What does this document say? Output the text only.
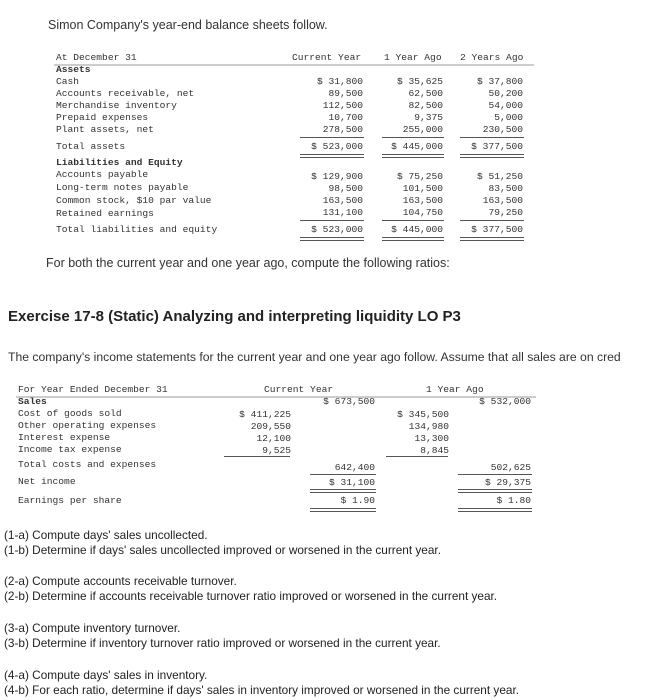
Simon Company's year-end balance sheets follow.
At December 31	Current Year 1 Year Ago 2 Years Ago
Assets
Cash	$ 31,800	$ 35,625	$ 37,800
Accounts receivable, net	89,500	62,500	50,200
Merchandise inventory	112,500	82,500	54,000
Prepaid expenses	10,700	9,375	5,000
Plant assets, net	278,500	255,000	230,500
Total assets	$ 523,000	$ 445,000	$ 377,500
Liabilities and Equity
Accounts payable	$ 129,900	$ 75,250	$ 51,250
Long-term notes payable	98,500	101,500	83,500
Common stock, $10 par value	163,500	163,500	163,500
Retained earnings	131,100	104,750	79,250
Total liabilities and equity	$ 523,000	$ 445,000	$ 377,500
For both the current year and one year ago, compute the following ratios:
Exercise 17-8 (Static) Analyzing and interpreting liquidity LO P3
The company's income statements for the current year and one year ago follow. Assume that all sales are on cred
For Year Ended December 31	Current Year	1 Year Ago
Sales	$ 673,500	$ 532,000
Cost of goods sold	$ 411,225	$ 345,500
Other operating expenses	209,550	134,980
Interest expense	12,100	13,300
Income tax expense	9,525	8,845
Total costs and expenses	642,400	502,625
Net income	$ 31,100	$ 29,375
Earnings per share	$ 1.90	$ 1.80
(1-a) Compute days' sales uncollected.
(1-b) Determine if days' sales uncollected improved or worsened in the current year.
(2-a) Compute accounts receivable turnover.
(2-b) Determine if accounts receivable turnover ratio improved or worsened in the current year.
(3-a) Compute inventory turnover.
(3-b) Determine if inventory turnover ratio improved or worsened in the current year.
(4-a) Compute days' sales in inventory.
(4-b) For each ratio, determine if days' sales in inventory improved or worsened in the current year.
